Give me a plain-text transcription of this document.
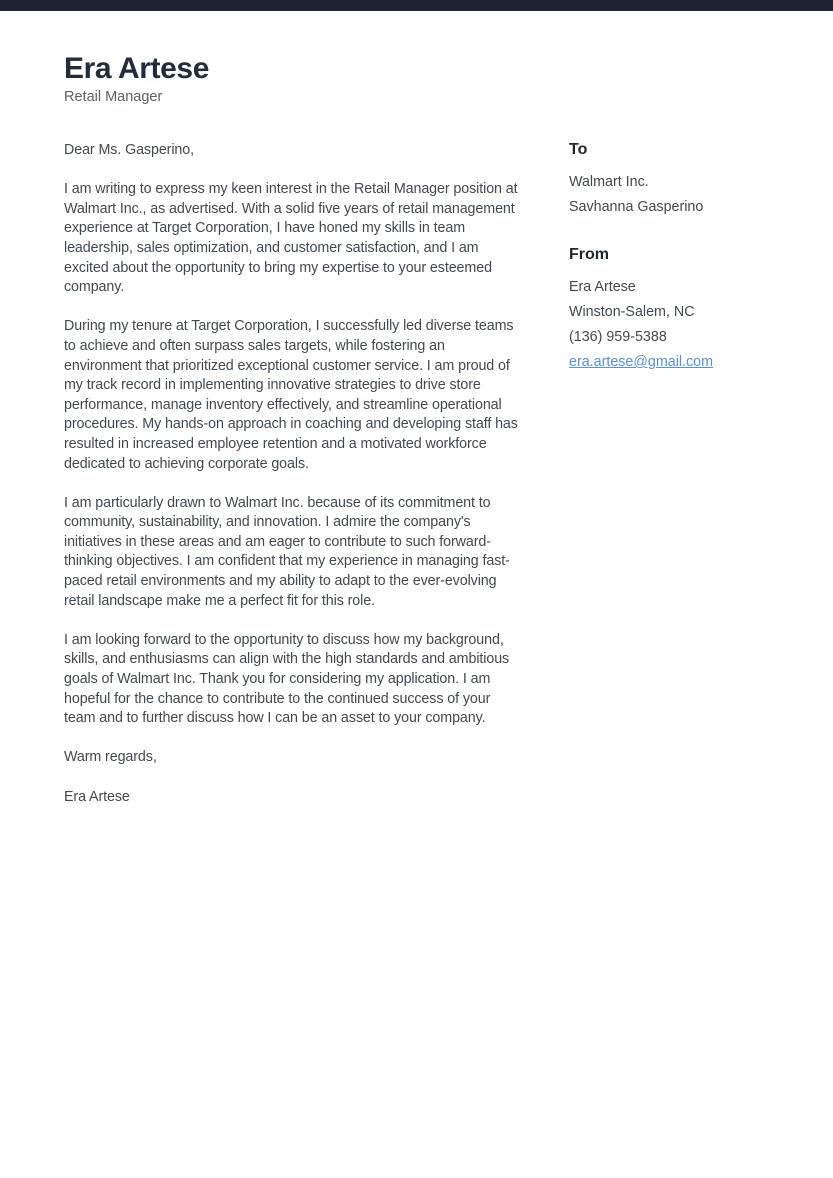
Era Artese
Retail Manager

Dear Ms. Gasperino,

I am writing to express my keen interest in the Retail Manager position at Walmart Inc., as advertised. With a solid five years of retail management experience at Target Corporation, I have honed my skills in team leadership, sales optimization, and customer satisfaction, and I am excited about the opportunity to bring my expertise to your esteemed company.

During my tenure at Target Corporation, I successfully led diverse teams to achieve and often surpass sales targets, while fostering an environment that prioritized exceptional customer service. I am proud of my track record in implementing innovative strategies to drive store performance, manage inventory effectively, and streamline operational procedures. My hands-on approach in coaching and developing staff has resulted in increased employee retention and a motivated workforce dedicated to achieving corporate goals.

I am particularly drawn to Walmart Inc. because of its commitment to community, sustainability, and innovation. I admire the company's initiatives in these areas and am eager to contribute to such forward-thinking objectives. I am confident that my experience in managing fast-paced retail environments and my ability to adapt to the ever-evolving retail landscape make me a perfect fit for this role.

I am looking forward to the opportunity to discuss how my background, skills, and enthusiasms can align with the high standards and ambitious goals of Walmart Inc. Thank you for considering my application. I am hopeful for the chance to contribute to the continued success of your team and to further discuss how I can be an asset to your company.

Warm regards,

Era Artese

To
Walmart Inc.
Savhanna Gasperino
From
Era Artese
Winston-Salem, NC
(136) 959-5388
era.artese@gmail.com
